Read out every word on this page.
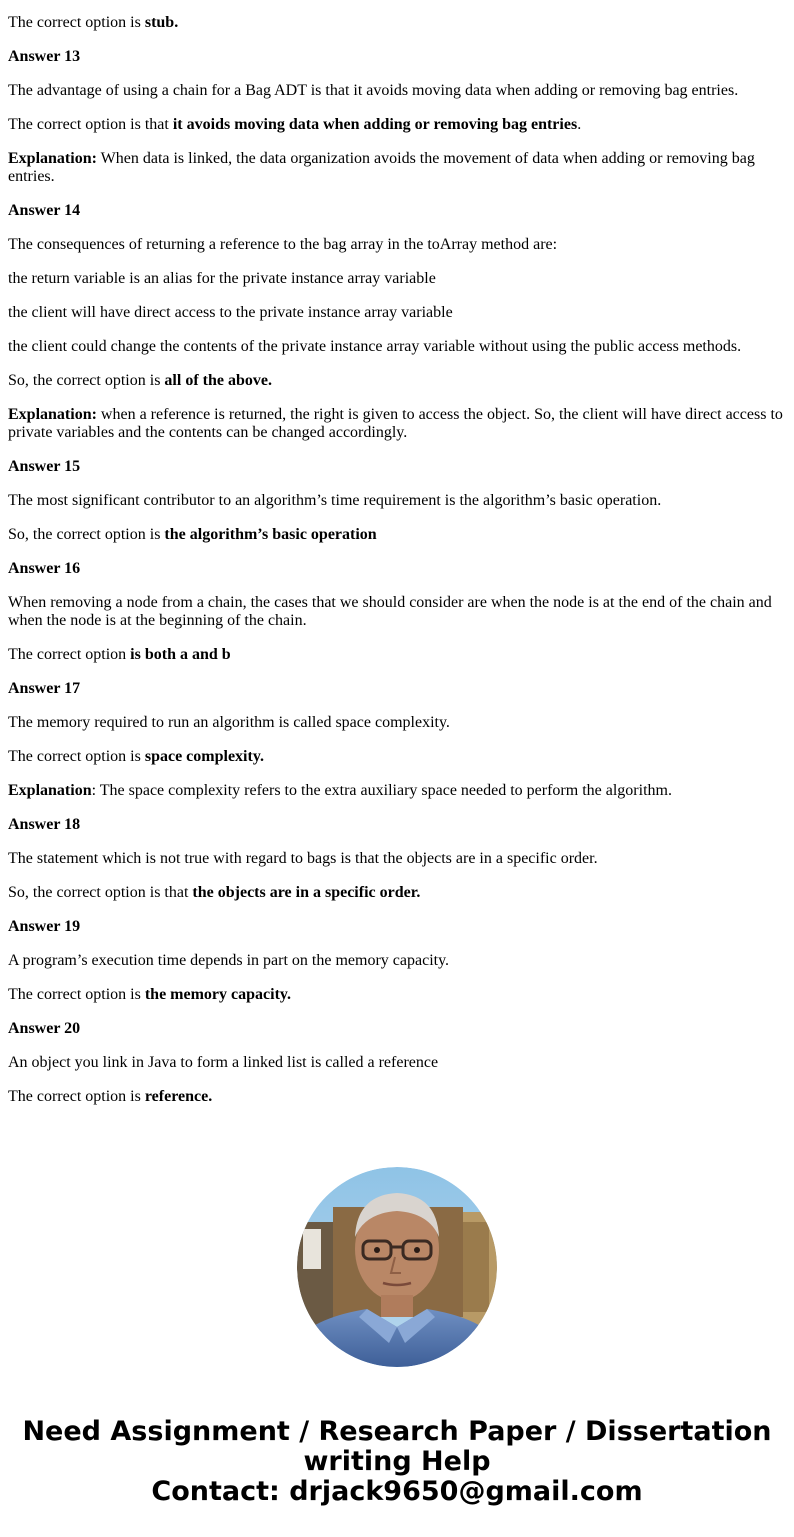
The correct option is stub.

Answer 13

The advantage of using a chain for a Bag ADT is that it avoids moving data when adding or removing bag entries.

The correct option is that it avoids moving data when adding or removing bag entries.

Explanation: When data is linked, the data organization avoids the movement of data when adding or removing bag entries.

Answer 14

The consequences of returning a reference to the bag array in the toArray method are:

the return variable is an alias for the private instance array variable

the client will have direct access to the private instance array variable

the client could change the contents of the private instance array variable without using the public access methods.

So, the correct option is all of the above.

Explanation: when a reference is returned, the right is given to access the object. So, the client will have direct access to private variables and the contents can be changed accordingly.

Answer 15

The most significant contributor to an algorithm’s time requirement is the algorithm’s basic operation.

So, the correct option is the algorithm’s basic operation

Answer 16

When removing a node from a chain, the cases that we should consider are when the node is at the end of the chain and when the node is at the beginning of the chain.

The correct option is both a and b

Answer 17

The memory required to run an algorithm is called space complexity.

The correct option is space complexity.

Explanation: The space complexity refers to the extra auxiliary space needed to perform the algorithm.

Answer 18

The statement which is not true with regard to bags is that the objects are in a specific order.

So, the correct option is that the objects are in a specific order.

Answer 19

A program’s execution time depends in part on the memory capacity.

The correct option is the memory capacity.

Answer 20

An object you link in Java to form a linked list is called a reference

The correct option is reference.

Need Assignment / Research Paper / Dissertation
writing Help
Contact: drjack9650@gmail.com
